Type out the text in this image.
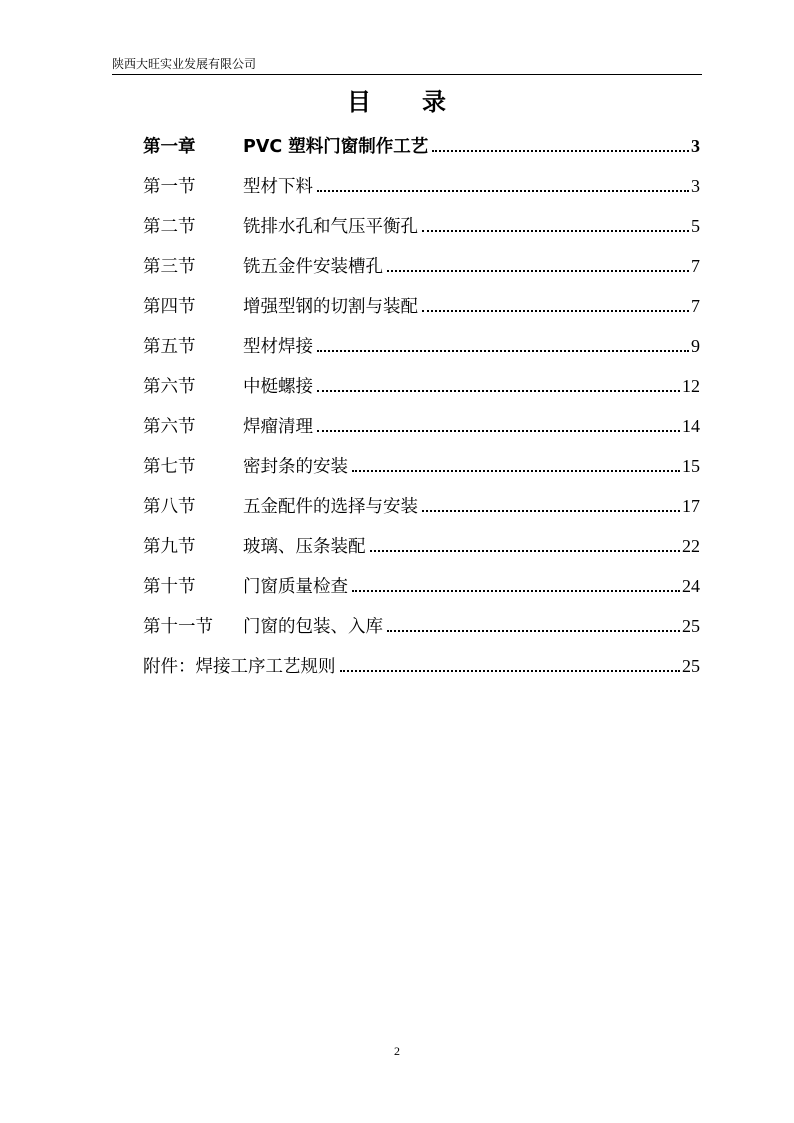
陕西大旺实业发展有限公司
目　　录
第一章	PVC 塑料门窗制作工艺	3
第一节	型材下料	3
第二节	铣排水孔和气压平衡孔	5
第三节	铣五金件安装槽孔	7
第四节	增强型钢的切割与装配	7
第五节	型材焊接	9
第六节	中梃螺接	12
第六节	焊瘤清理	14
第七节	密封条的安装	15
第八节	五金配件的选择与安装	17
第九节	玻璃、压条装配	22
第十节	门窗质量检查	24
第十一节	门窗的包装、入库	25
附件：焊接工序工艺规则	25
2
